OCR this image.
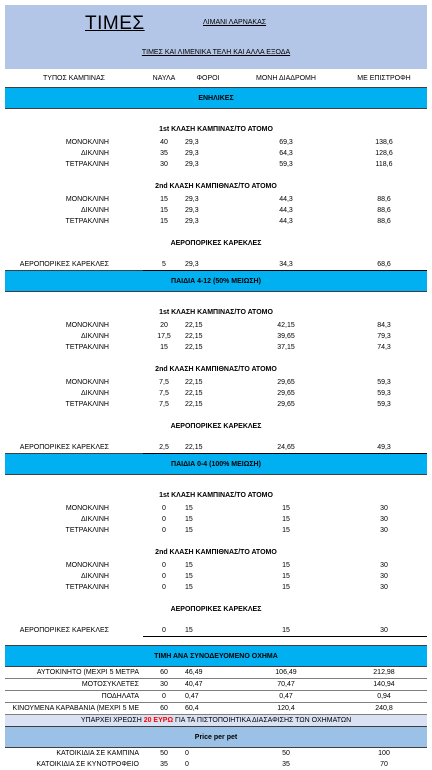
ΤΙΜΕΣ	ΛΙΜΑΝΙ ΛΑΡΝΑΚΑΣ
ΤΙΜΕΣ ΚΑΙ ΛΙΜΕΝΙΚΑ ΤΕΛΗ ΚΑΙ ΑΛΛΑ ΕΞΟΔΑ
ΤΥΠΟΣ ΚΑΜΠΙΝΑΣ	ΝΑΥΛΑ	ΦΟΡΟΙ	ΜΟΝΗ ΔΙΑΔΡΟΜΗ	ΜΕ ΕΠΙΣΤΡΟΦΗ
ΕΝΗΛΙΚΕΣ				

1st ΚΛΑΣΗ ΚΑΜΠΙΝΑΣ/ΤΟ ΑΤΟΜΟ				
ΜΟΝΟΚΛΙΝΗ	40	29,3	69,3	138,6
ΔΙΚΛΙΝΗ	35	29,3	64,3	128,6
ΤΕΤΡΑΚΛΙΝΗ	30	29,3	59,3	118,6

2nd ΚΛΑΣΗ ΚΑΜΠΙΘΝΑΣ/ΤΟ ΑΤΟΜΟ				
ΜΟΝΟΚΛΙΝΗ	15	29,3	44,3	88,6
ΔΙΚΛΙΝΗ	15	29,3	44,3	88,6
ΤΕΤΡΑΚΛΙΝΗ	15	29,3	44,3	88,6

ΑΕΡΟΠΟΡΙΚΕΣ ΚΑΡΕΚΛΕΣ				

ΑΕΡΟΠΟΡΙΚΕΣ ΚΑΡΕΚΛΕΣ	5	29,3	34,3	68,6
ΠΑΙΔΙΑ 4-12 (50% ΜΕΙΩΣΗ)				

1st ΚΛΑΣΗ ΚΑΜΠΙΝΑΣ/ΤΟ ΑΤΟΜΟ				
ΜΟΝΟΚΛΙΝΗ	20	22,15	42,15	84,3
ΔΙΚΛΙΝΗ	17,5	22,15	39,65	79,3
ΤΕΤΡΑΚΛΙΝΗ	15	22,15	37,15	74,3

2nd ΚΛΑΣΗ ΚΑΜΠΙΘΝΑΣ/ΤΟ ΑΤΟΜΟ				
ΜΟΝΟΚΛΙΝΗ	7,5	22,15	29,65	59,3
ΔΙΚΛΙΝΗ	7,5	22,15	29,65	59,3
ΤΕΤΡΑΚΛΙΝΗ	7,5	22,15	29,65	59,3

ΑΕΡΟΠΟΡΙΚΕΣ ΚΑΡΕΚΛΕΣ				

ΑΕΡΟΠΟΡΙΚΕΣ ΚΑΡΕΚΛΕΣ	2,5	22,15	24,65	49,3
ΠΑΙΔΙΑ 0-4 (100% ΜΕΙΩΣΗ)				

1st ΚΛΑΣΗ ΚΑΜΠΙΝΑΣ/ΤΟ ΑΤΟΜΟ				
ΜΟΝΟΚΛΙΝΗ	0	15	15	30
ΔΙΚΛΙΝΗ	0	15	15	30
ΤΕΤΡΑΚΛΙΝΗ	0	15	15	30

2nd ΚΛΑΣΗ ΚΑΜΠΙΘΝΑΣ/ΤΟ ΑΤΟΜΟ				
ΜΟΝΟΚΛΙΝΗ	0	15	15	30
ΔΙΚΛΙΝΗ	0	15	15	30
ΤΕΤΡΑΚΛΙΝΗ	0	15	15	30

ΑΕΡΟΠΟΡΙΚΕΣ ΚΑΡΕΚΛΕΣ				

ΑΕΡΟΠΟΡΙΚΕΣ ΚΑΡΕΚΛΕΣ	0	15	15	30

ΤΙΜΗ ΑΝΑ ΣΥΝΟΔΕΥΟΜΕΝΟ ΟΧΗΜΑ				
ΑΥΤΟΚΙΝΗΤΟ (ΜΕΧΡΙ 5 ΜΕΤΡΑ	60	46,49	106,49	212,98
ΜΟΤΟΣΥΚΛΕΤΕΣ	30	40,47	70,47	140,94
ΠΟΔΗΛΑΤΑ	0	0,47	0,47	0,94
ΚΙΝΟΥΜΕΝΑ ΚΑΡΑΒΑΝΙΑ (ΜΕΧΡΙ 5 ΜΕ	60	60,4	120,4	240,8
ΥΠΑΡΧΕΙ ΧΡΕΩΣΗ 20 ΕΥΡΩ ΓΙΑ ΤΑ ΠΙΣΤΟΠΟΙΗΤΙΚΑ ΔΙΑΣΑΦΙΣΗΣ ΤΩΝ ΟΧΗΜΑΤΩΝ				
Price per pet				
ΚΑΤΟΙΚΙΔΙΑ ΣΕ ΚΑΜΠΙΝΑ	50	0	50	100
ΚΑΤΟΙΚΙΔΙΑ ΣΕ ΚΥΝΟΤΡΟΦΕΙΟ	35	0	35	70
